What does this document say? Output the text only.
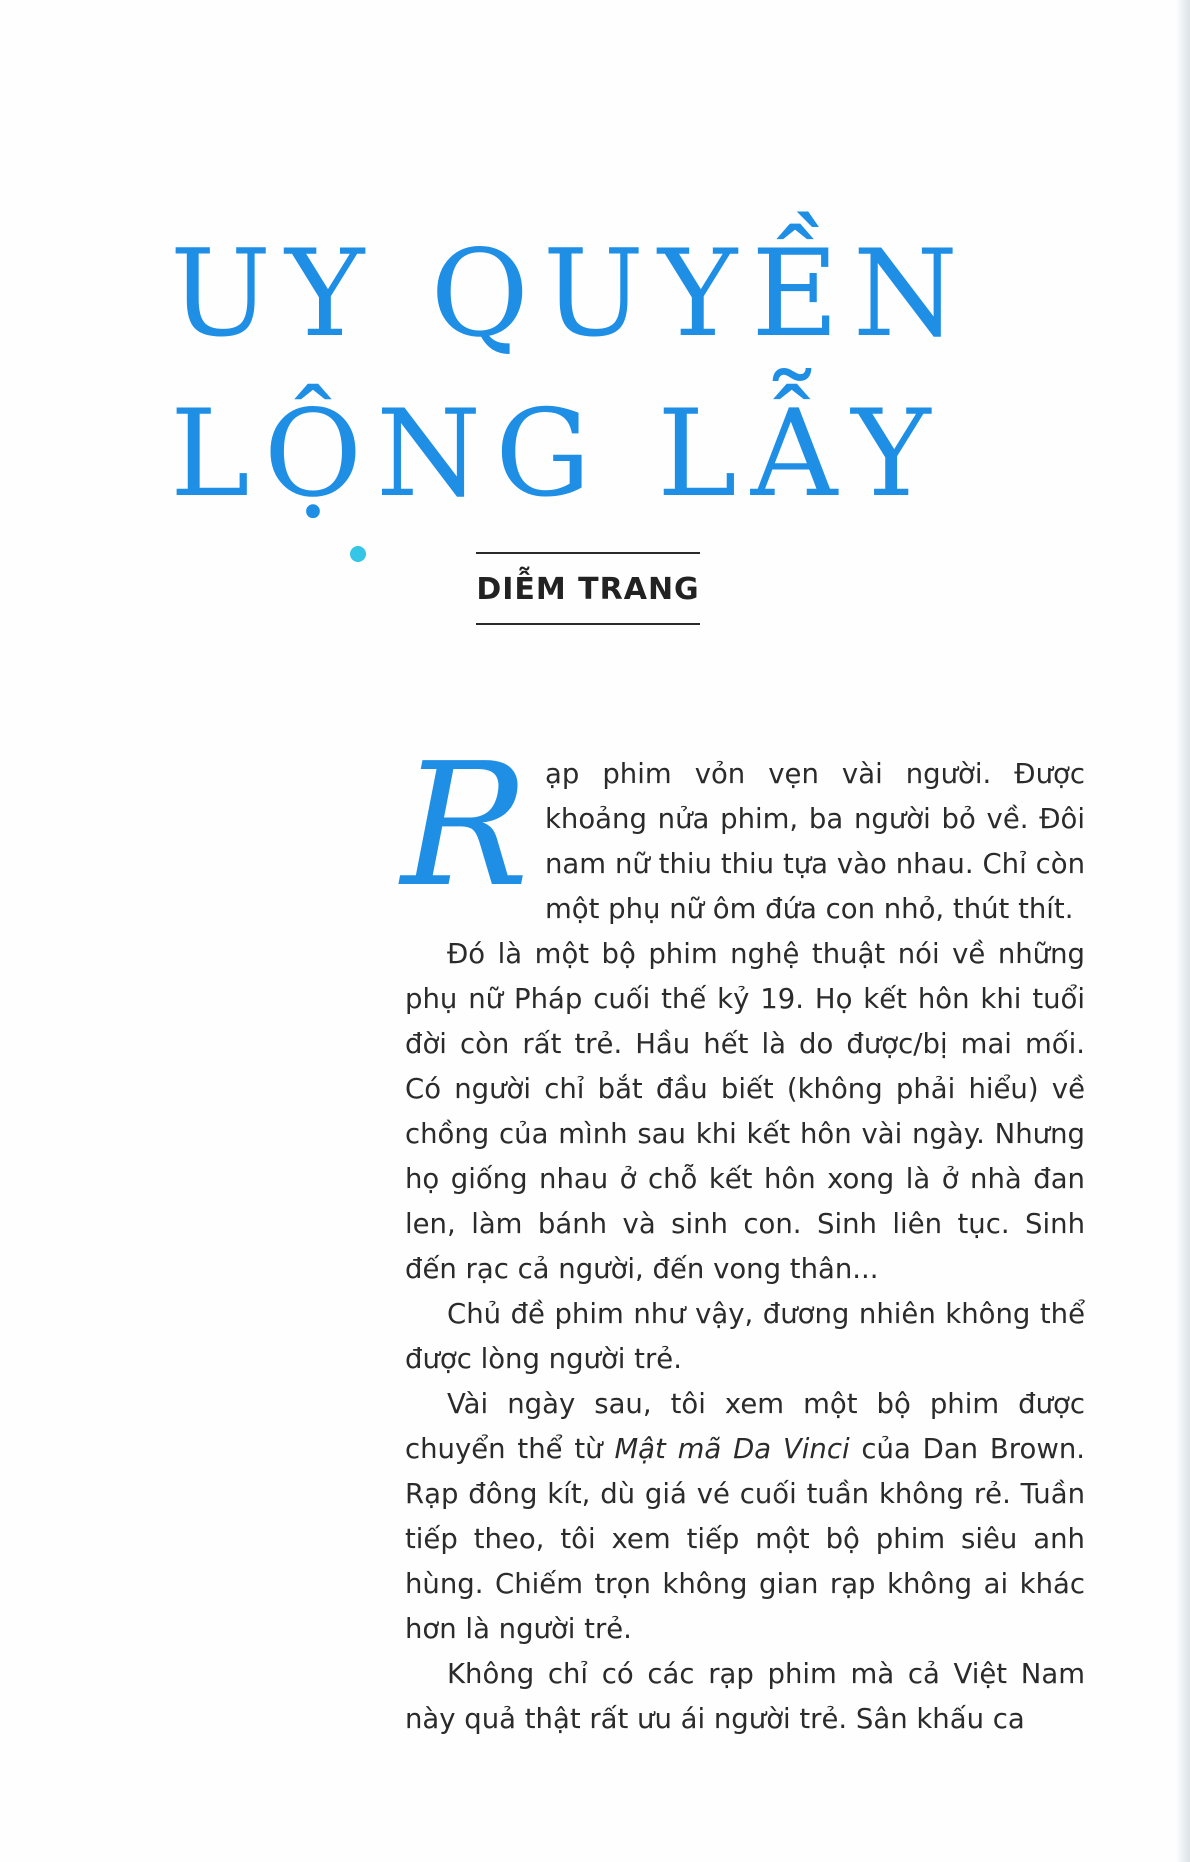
UY QUYỀN
LỘNG LẪY
DIỄM TRANG

Rạp phim vỏn vẹn vài người. Được khoảng nửa phim, ba người bỏ về. Đôi nam nữ thiu thiu tựa vào nhau. Chỉ còn một phụ nữ ôm đứa con nhỏ, thút thít.

Đó là một bộ phim nghệ thuật nói về những phụ nữ Pháp cuối thế kỷ 19. Họ kết hôn khi tuổi đời còn rất trẻ. Hầu hết là do được/bị mai mối. Có người chỉ bắt đầu biết (không phải hiểu) về chồng của mình sau khi kết hôn vài ngày. Nhưng họ giống nhau ở chỗ kết hôn xong là ở nhà đan len, làm bánh và sinh con. Sinh liên tục. Sinh đến rạc cả người, đến vong thân...

Chủ đề phim như vậy, đương nhiên không thể được lòng người trẻ.

Vài ngày sau, tôi xem một bộ phim được chuyển thể từ Mật mã Da Vinci của Dan Brown. Rạp đông kít, dù giá vé cuối tuần không rẻ. Tuần tiếp theo, tôi xem tiếp một bộ phim siêu anh hùng. Chiếm trọn không gian rạp không ai khác hơn là người trẻ.

Không chỉ có các rạp phim mà cả Việt Nam này quả thật rất ưu ái người trẻ. Sân khấu ca
